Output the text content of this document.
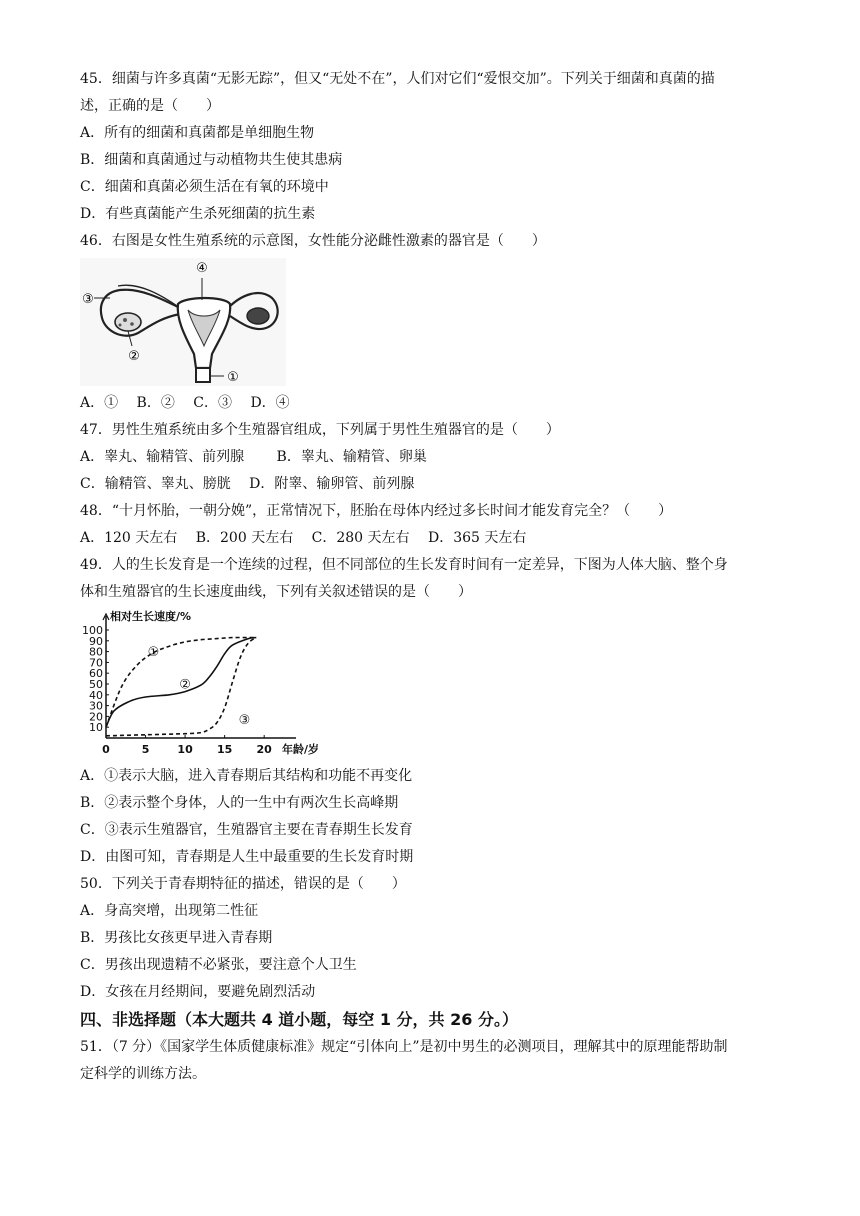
45．细菌与许多真菌“无影无踪”，但又“无处不在”，人们对它们“爱恨交加”。下列关于细菌和真菌的描
述，正确的是（　　）
A．所有的细菌和真菌都是单细胞生物
B．细菌和真菌通过与动植物共生使其患病
C．细菌和真菌必须生活在有氧的环境中
D．有些真菌能产生杀死细菌的抗生素
46．右图是女性生殖系统的示意图，女性能分泌雌性激素的器官是（　　）
④
③
②
①
A．①　 B．②　 C．③　 D．④
47．男性生殖系统由多个生殖器官组成，下列属于男性生殖器官的是（　　）
A．睾丸、输精管、前列腺　　 B．睾丸、输精管、卵巢
C．输精管、睾丸、膀胱　 D．附睾、输卵管、前列腺
48．“十月怀胎，一朝分娩”，正常情况下，胚胎在母体内经过多长时间才能发育完全？（　　）
A．120 天左右　 B．200 天左右　 C．280 天左右　 D．365 天左右
49．人的生长发育是一个连续的过程，但不同部位的生长发育时间有一定差异，下图为人体大脑、整个身
体和生殖器官的生长速度曲线，下列有关叙述错误的是（　　）
10
20
30
40
50
60
70
80
90
100
0	5	10 15 20
相对生长速度/%
年龄/岁
①
②
③
A．①表示大脑，进入青春期后其结构和功能不再变化
B．②表示整个身体，人的一生中有两次生长高峰期
C．③表示生殖器官，生殖器官主要在青春期生长发育
D．由图可知，青春期是人生中最重要的生长发育时期
50．下列关于青春期特征的描述，错误的是（　　）
A．身高突增，出现第二性征
B．男孩比女孩更早进入青春期
C．男孩出现遗精不必紧张，要注意个人卫生
D．女孩在月经期间，要避免剧烈活动
四、非选择题（本大题共 4 道小题，每空 1 分，共 26 分。）
51．（7 分）《国家学生体质健康标准》规定“引体向上”是初中男生的必测项目，理解其中的原理能帮助制
定科学的训练方法。
